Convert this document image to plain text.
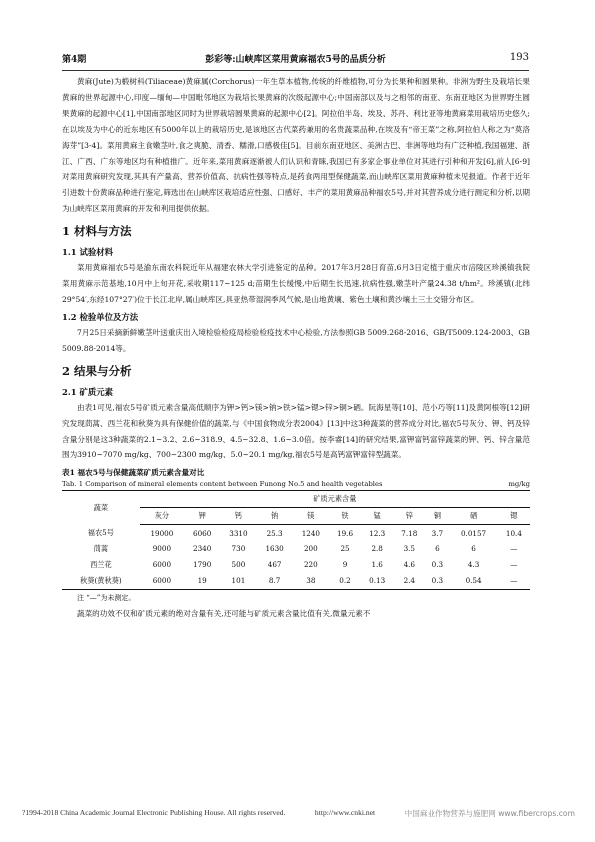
第4期	彭彩等:山峡库区菜用黄麻福农5号的品质分析	193

黄麻(Jute)为椴树科(Tiliaceae)黄麻属(Corchorus)一年生草本植物,传统的纤维植物,可分为长果种和圆果种。非洲为野生及栽培长果黄麻的世界起源中心,印度—缅甸—中国毗邻地区为栽培长果黄麻的次级起源中心;中国南部以及与之相邻的南亚、东南亚地区为世界野生圆果黄麻的起源中心[1],中国南部地区同时为世界栽培圆果黄麻的起源中心[2]。阿拉伯半岛、埃及、苏丹、利比亚等地黄麻菜用栽培历史悠久;在以埃及为中心的近东地区有5000年以上的栽培历史,是该地区古代菜药兼用的名贵蔬菜品种,在埃及有“帝王菜”之称,阿拉伯人称之为“莫洛海芽”[3-4]。菜用黄麻主食嫩茎叶,食之爽脆、清香、糯滑,口感极佳[5]。目前东南亚地区、美洲古巴、非洲等地均有广泛种植,我国福建、浙江、广西、广东等地区均有种植推广。近年来,菜用黄麻逐渐被人们认识和青睐,我国已有多家企事业单位对其进行引种和开发[6],前人[6-9]对菜用黄麻研究发现,其具有产量高、营养价值高、抗病性强等特点,是药食两用型保健蔬菜,而山峡库区菜用黄麻种植未见报道。作者于近年引进数十份黄麻品种进行鉴定,筛选出在山峡库区栽培适应性强、口感好、丰产的菜用黄麻品种福农5号,并对其营养成分进行测定和分析,以期为山峡库区菜用黄麻的开发和利用提供依据。

1 材料与方法
1.1 试验材料

菜用黄麻福农5号是渝东南农科院近年从福建农林大学引进鉴定的品种。2017年3月28日育苗,6月3日定植于重庆市涪陵区珍溪镇我院菜用黄麻示范基地,10月中上旬开花,采收期117~125 d;苗期生长缓慢,中后期生长迅速,抗病性强,嫩茎叶产量24.38 t/hm²。珍溪镇(北纬29°54′,东经107°27′)位于长江北岸,属山峡库区,具亚热带湿润季风气候,是山地黄壤、紫色土壤和黄沙壤土三土交错分布区。

1.2 检验单位及方法

7月25日采摘新鲜嫩茎叶送重庆出入境检验检疫局检验检疫技术中心检验,方法参照GB 5009.268-2016、GB/T5009.124-2003、GB 5009.88-2014等。

2 结果与分析
2.1 矿质元素

由表1可见,福农5号矿质元素含量高低顺序为钾>钙>镁>钠>铁>锰>锶>锌>铜>硒。阮海星等[10]、范小巧等[11]及黄阿根等[12]研究发现茼蒿、西兰花和秋葵为具有保健价值的蔬菜,与《中国食物成分表2004》[13]中这3种蔬菜的营养成分对比,福农5号灰分、钾、钙及锌含量分别是这3种蔬菜的2.1~3.2、2.6~318.9、4.5~32.8、1.6~3.0倍。按李睿[14]的研究结果,富钾富钙富锌蔬菜的钾、钙、锌含量范围为3910~7070 mg/kg、700~2300 mg/kg、5.0~20.1 mg/kg,福农5号是高钙富钾富锌型蔬菜。

表1 福农5号与保健蔬菜矿质元素含量对比
Tab. 1 Comparison of mineral elements content between Funong No.5 and health vegetables	mg/kg
蔬菜	矿质元素含量										
	灰分	钾	钙	钠	镁	铁	锰	锌	铜	硒	锶
福农5号	19000	6060	3310	25.3	1240	19.6	12.3	7.18	3.7	0.0157	10.4
茼蒿	9000	2340	730	1630	200	25	2.8	3.5	6	6	—
西兰花	6000	1790	500	467	220	9	1.6	4.6	0.3	4.3	—
秋葵(黄秋葵)	6000	19	101	8.7	38	0.2	0.13	2.4	0.3	0.54	—
注 “—”为未测定。

蔬菜的功效不仅和矿质元素的绝对含量有关,还可能与矿质元素含量比值有关,微量元素不

?1994-2018 China Academic Journal Electronic Publishing House. All rights reserved.	http://www.cnki.net	中国麻业作物营养与施肥网 www.fibercrops.com
